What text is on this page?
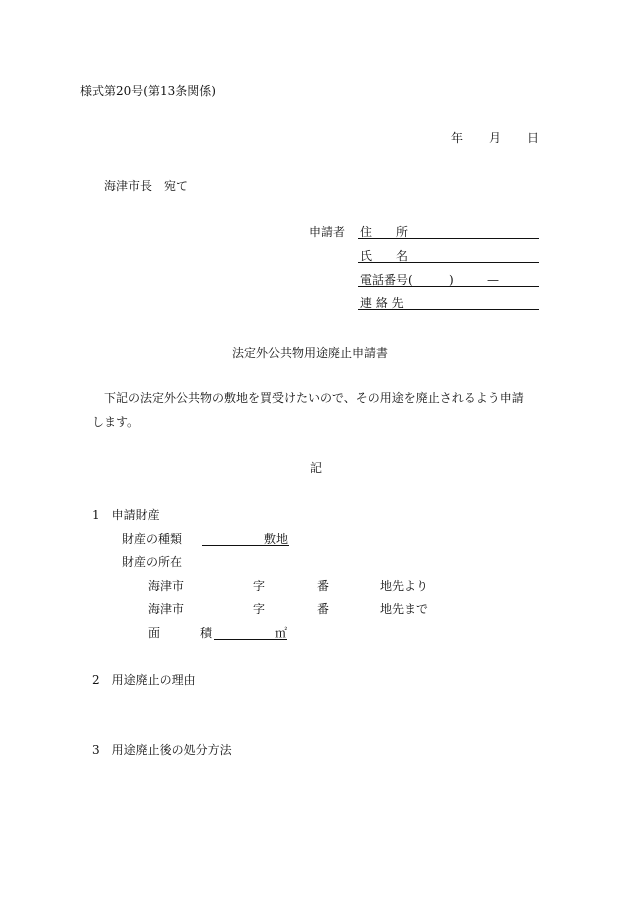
様式第20号(第13条関係)
年 月 日
海津市長　宛て
申請者 住　　所
氏　　名
電話番号(	)	—
連 絡 先
法定外公共物用途廃止申請書
下記の法定外公共物の敷地を買受けたいので、その用途を廃止されるよう申請
します。
記
1　申請財産
財産の種類	敷地
財産の所在
海津市	字	番	地先より
海津市	字	番	地先まで
面	積	㎡
2　用途廃止の理由
3　用途廃止後の処分方法
